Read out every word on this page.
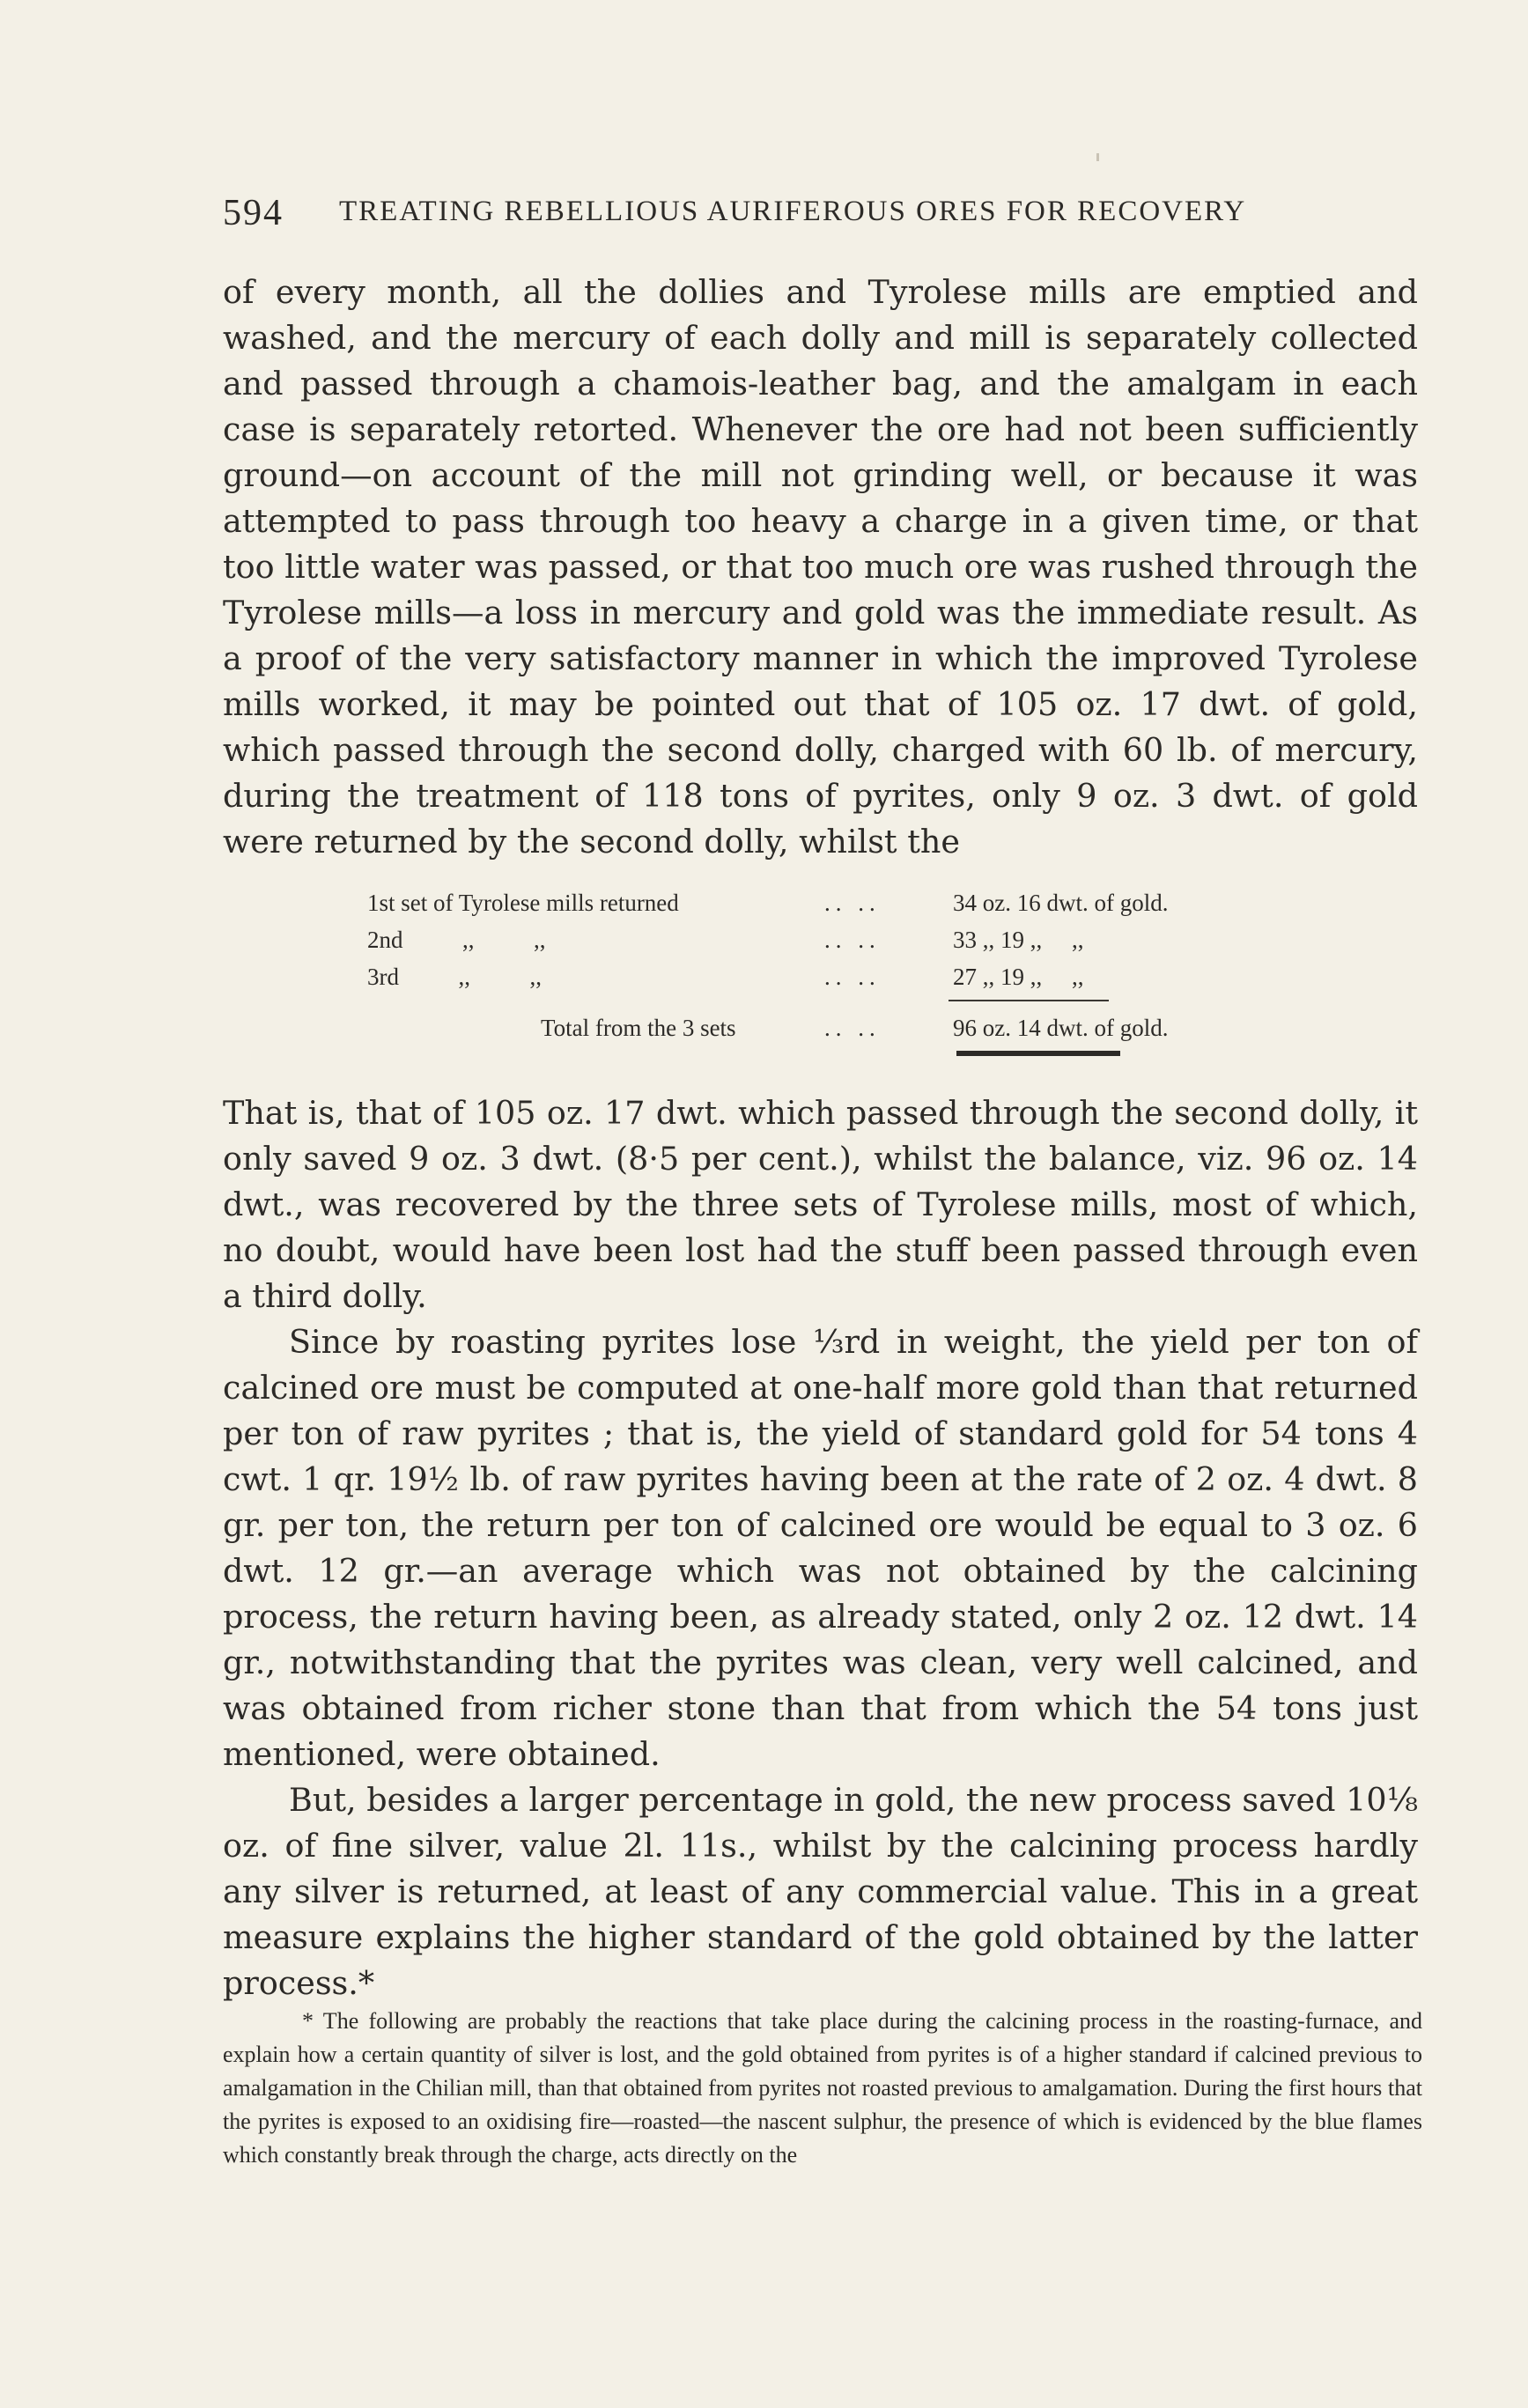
594 TREATING REBELLIOUS AURIFEROUS ORES FOR RECOVERY

of every month, all the dollies and Tyrolese mills are emptied and washed, and the mercury of each dolly and mill is separately collected and passed through a chamois-leather bag, and the amalgam in each case is separately retorted. Whenever the ore had not been sufficiently ground—on account of the mill not grinding well, or because it was attempted to pass through too heavy a charge in a given time, or that too little water was passed, or that too much ore was rushed through the Tyrolese mills—a loss in mercury and gold was the immediate result. As a proof of the very satisfactory manner in which the improved Tyrolese mills worked, it may be pointed out that of 105 oz. 17 dwt. of gold, which passed through the second dolly, charged with 60 lb. of mercury, during the treatment of 118 tons of pyrites, only 9 oz. 3 dwt. of gold were returned by the second dolly, whilst the

1st set of Tyrolese mills returned	.. ..	34 oz. 16 dwt. of gold.
2nd          ,,          ,,	.. ..	33 ,, 19 ,,     ,,
3rd          ,,          ,,	.. ..	27 ,, 19 ,,     ,,
Total from the 3 sets	.. ..	96 oz. 14 dwt. of gold.

That is, that of 105 oz. 17 dwt. which passed through the second dolly, it only saved 9 oz. 3 dwt. (8·5 per cent.), whilst the balance, viz. 96 oz. 14 dwt., was recovered by the three sets of Tyrolese mills, most of which, no doubt, would have been lost had the stuff been passed through even a third dolly.

Since by roasting pyrites lose ⅓rd in weight, the yield per ton of calcined ore must be computed at one-half more gold than that returned per ton of raw pyrites ; that is, the yield of standard gold for 54 tons 4 cwt. 1 qr. 19½ lb. of raw pyrites having been at the rate of 2 oz. 4 dwt. 8 gr. per ton, the return per ton of calcined ore would be equal to 3 oz. 6 dwt. 12 gr.—an average which was not obtained by the calcining process, the return having been, as already stated, only 2 oz. 12 dwt. 14 gr., notwithstanding that the pyrites was clean, very well calcined, and was obtained from richer stone than that from which the 54 tons just mentioned, were obtained.

But, besides a larger percentage in gold, the new process saved 10⅛ oz. of fine silver, value 2l. 11s., whilst by the calcining process hardly any silver is returned, at least of any commercial value. This in a great measure explains the higher standard of the gold obtained by the latter process.*

* The following are probably the reactions that take place during the calcining process in the roasting-furnace, and explain how a certain quantity of silver is lost, and the gold obtained from pyrites is of a higher standard if calcined previous to amalgamation in the Chilian mill, than that obtained from pyrites not roasted previous to amalgamation. During the first hours that the pyrites is exposed to an oxidising fire—roasted—the nascent sulphur, the presence of which is evidenced by the blue flames which constantly break through the charge, acts directly on the
